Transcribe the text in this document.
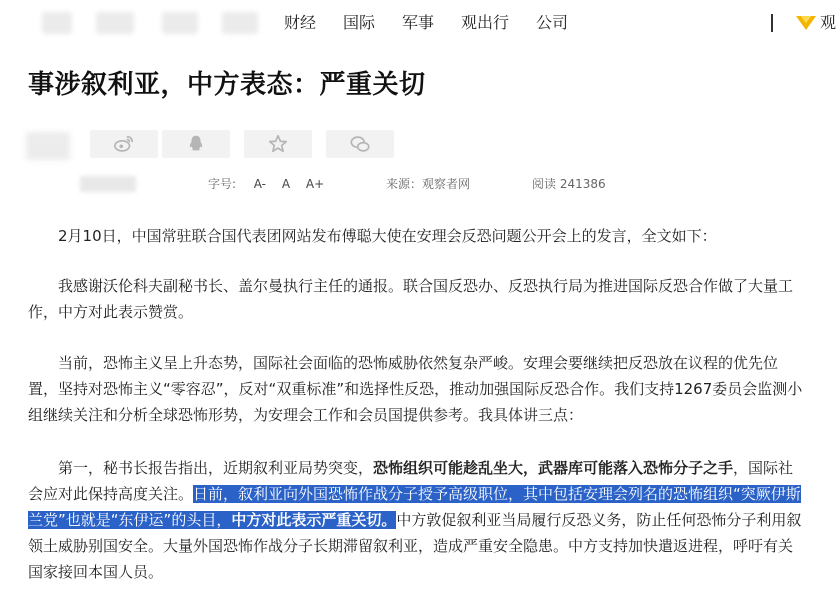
财经 国际 军事 观出行 公司	观
事涉叙利亚，中方表态：严重关切
字号: A- A A+	来源：观察者网	阅读 241386

2月10日，中国常驻联合国代表团网站发布傅聪大使在安理会反恐问题公开会上的发言，全文如下：

我感谢沃伦科夫副秘书长、盖尔曼执行主任的通报。联合国反恐办、反恐执行局为推进国际反恐合作做了大量工作，中方对此表示赞赏。

当前，恐怖主义呈上升态势，国际社会面临的恐怖威胁依然复杂严峻。安理会要继续把反恐放在议程的优先位置，坚持对恐怖主义“零容忍”，反对“双重标准”和选择性反恐，推动加强国际反恐合作。我们支持1267委员会监测小组继续关注和分析全球恐怖形势，为安理会工作和会员国提供参考。我具体讲三点：

第一，秘书长报告指出，近期叙利亚局势突变，恐怖组织可能趁乱坐大，武器库可能落入恐怖分子之手，国际社会应对此保持高度关注。日前，叙利亚向外国恐怖作战分子授予高级职位，其中包括安理会列名的恐怖组织“突厥伊斯兰党”也就是“东伊运”的头目，中方对此表示严重关切。中方敦促叙利亚当局履行反恐义务，防止任何恐怖分子利用叙领土威胁别国安全。大量外国恐怖作战分子长期滞留叙利亚，造成严重安全隐患。中方支持加快遣返进程，呼吁有关国家接回本国人员。
